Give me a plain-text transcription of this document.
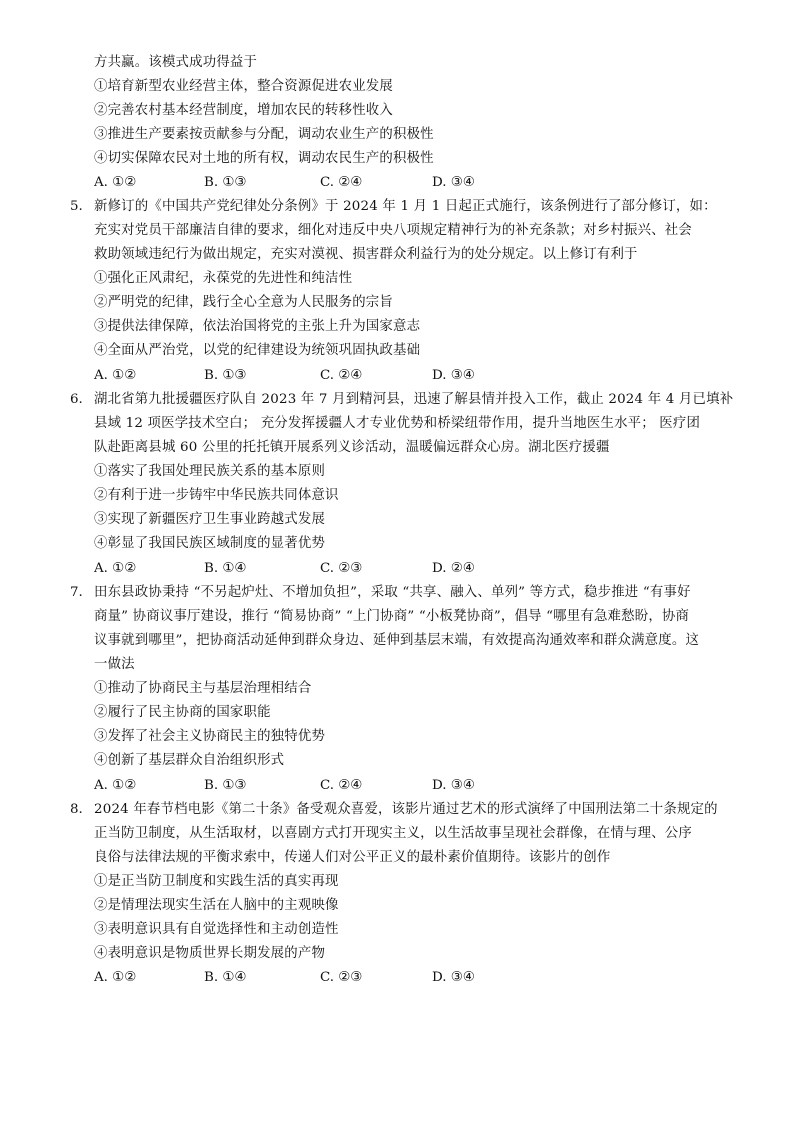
方共赢。该模式成功得益于
①培育新型农业经营主体，整合资源促进农业发展
②完善农村基本经营制度，增加农民的转移性收入
③推进生产要素按贡献参与分配，调动农业生产的积极性
④切实保障农民对土地的所有权，调动农民生产的积极性
A. ①②	B. ①③	C. ②④	D. ③④
5. 新修订的《中国共产党纪律处分条例》于 2024 年 1 月 1 日起正式施行，该条例进行了部分修订，如：
充实对党员干部廉洁自律的要求，细化对违反中央八项规定精神行为的补充条款；对乡村振兴、社会
救助领域违纪行为做出规定，充实对漠视、损害群众利益行为的处分规定。以上修订有利于
①强化正风肃纪，永葆党的先进性和纯洁性
②严明党的纪律，践行全心全意为人民服务的宗旨
③提供法律保障，依法治国将党的主张上升为国家意志
④全面从严治党，以党的纪律建设为统领巩固执政基础
A. ①②	B. ①③	C. ②④	D. ③④
6. 湖北省第九批援疆医疗队自 2023 年 7 月到精河县，迅速了解县情并投入工作，截止 2024 年 4 月已填补
县域 12 项医学技术空白； 充分发挥援疆人才专业优势和桥梁纽带作用，提升当地医生水平； 医疗团
队赴距离县城 60 公里的托托镇开展系列义诊活动，温暖偏远群众心房。湖北医疗援疆
①落实了我国处理民族关系的基本原则
②有利于进一步铸牢中华民族共同体意识
③实现了新疆医疗卫生事业跨越式发展
④彰显了我国民族区域制度的显著优势
A. ①②	B. ①④	C. ②③	D. ②④
7. 田东县政协秉持 “不另起炉灶、不增加负担”，采取 “共享、融入、单列” 等方式，稳步推进 “有事好
商量” 协商议事厅建设，推行 “简易协商” “上门协商” “小板凳协商”，倡导 “哪里有急难愁盼，协商
议事就到哪里”，把协商活动延伸到群众身边、延伸到基层末端，有效提高沟通效率和群众满意度。这
一做法
①推动了协商民主与基层治理相结合
②履行了民主协商的国家职能
③发挥了社会主义协商民主的独特优势
④创新了基层群众自治组织形式
A. ①②	B. ①③	C. ②④	D. ③④
8. 2024 年春节档电影《第二十条》备受观众喜爱，该影片通过艺术的形式演绎了中国刑法第二十条规定的
正当防卫制度，从生活取材，以喜剧方式打开现实主义，以生活故事呈现社会群像，在情与理、公序
良俗与法律法规的平衡求索中，传递人们对公平正义的最朴素价值期待。该影片的创作
①是正当防卫制度和实践生活的真实再现
②是情理法现实生活在人脑中的主观映像
③表明意识具有自觉选择性和主动创造性
④表明意识是物质世界长期发展的产物
A. ①②	B. ①④	C. ②③	D. ③④
